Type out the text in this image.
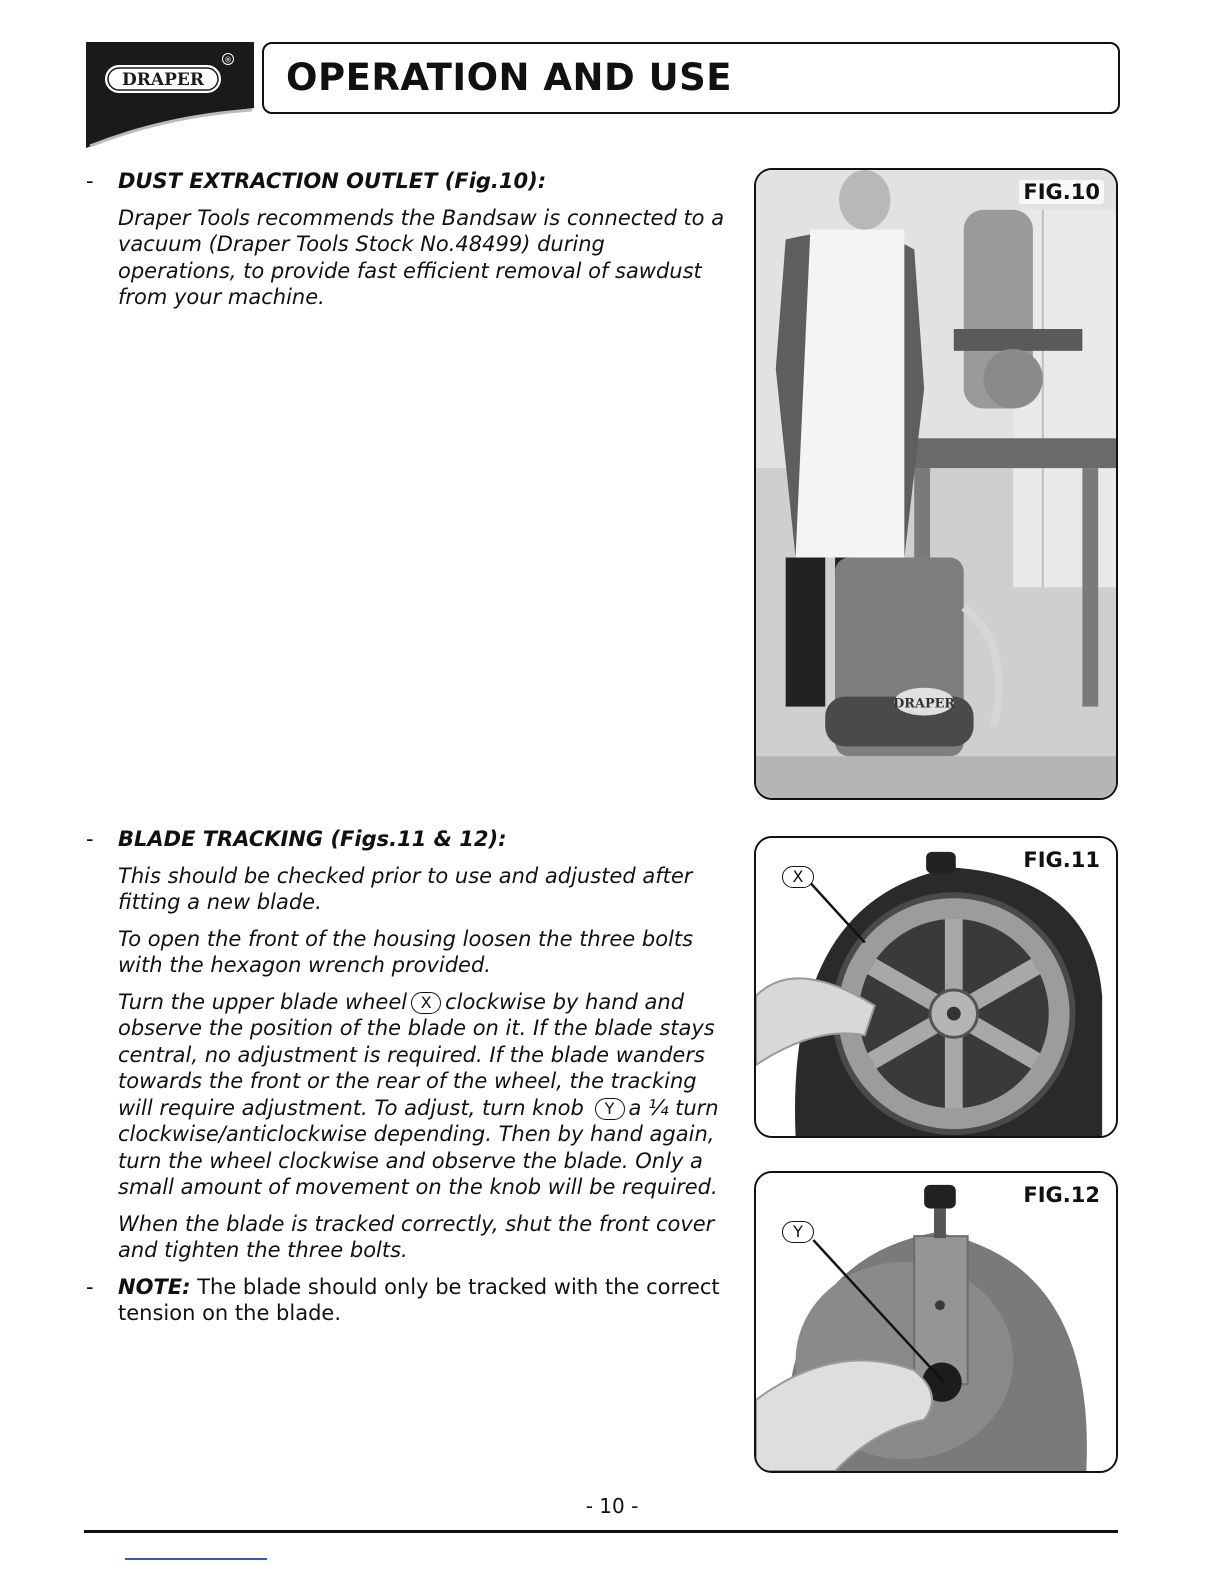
DRAPER
® OPERATION AND USE
- DUST EXTRACTION OUTLET (Fig.10):

Draper Tools recommends the Bandsaw is connected to a vacuum (Draper Tools Stock No.48499) during operations, to provide fast efficient removal of sawdust from your machine.

- BLADE TRACKING (Figs.11 & 12):

This should be checked prior to use and adjusted after fitting a new blade.

To open the front of the housing loosen the three bolts with the hexagon wrench provided.

Turn the upper blade wheel X clockwise by hand and observe the position of the blade on it. If the blade stays central, no adjustment is required. If the blade wanders towards the front or the rear of the wheel, the tracking will require adjustment. To adjust, turn knob Y a ¼ turn clockwise/anticlockwise depending. Then by hand again, turn the wheel clockwise and observe the blade. Only a small amount of movement on the knob will be required.

When the blade is tracked correctly, shut the front cover and tighten the three bolts.

- NOTE: The blade should only be tracked with the correct tension on the blade.

DRAPER
FIG.10
X
FIG.11
Y
FIG.12
- 10 -
